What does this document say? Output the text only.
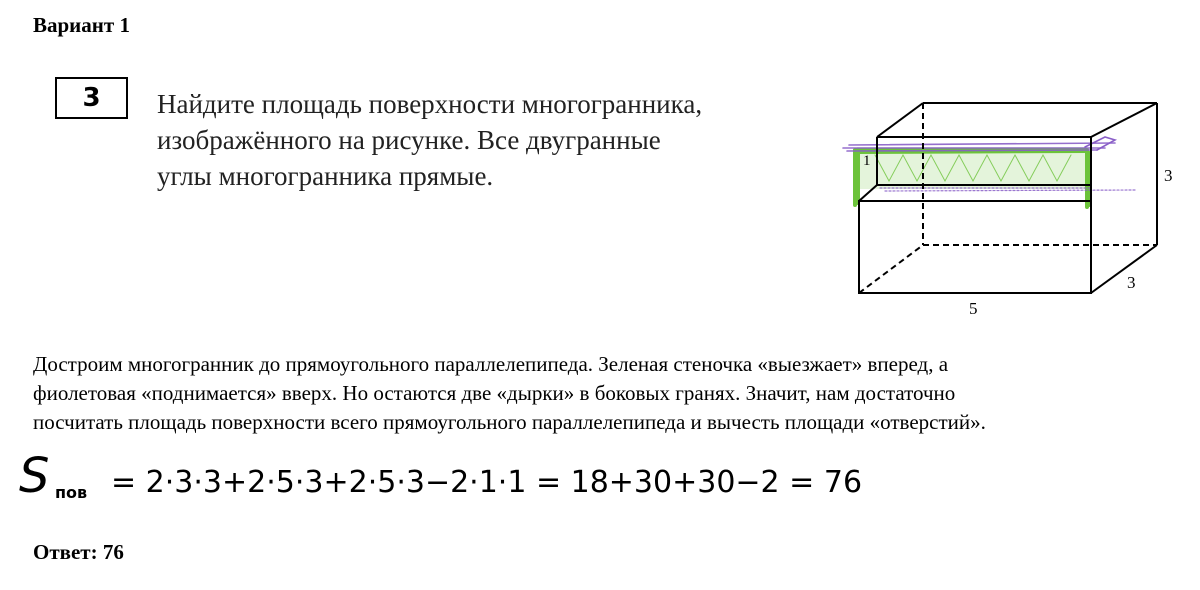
Вариант 1
3 Найдите площадь поверхности многогранника,
изображённого на рисунке. Все двугранные
углы многогранника прямые.	3
3
5
1
Достроим многогранник до прямоугольного параллелепипеда. Зеленая стеночка «выезжает» вперед, а
фиолетовая «поднимается» вверх. Но остаются две «дырки» в боковых гранях. Значит, нам достаточно
посчитать площадь поверхности всего прямоугольного параллелепипеда и вычесть площади «отверстий».
S пов = 2·3·3+2·5·3+2·5·3−2·1·1 = 18+30+30−2 = 76
Ответ: 76
